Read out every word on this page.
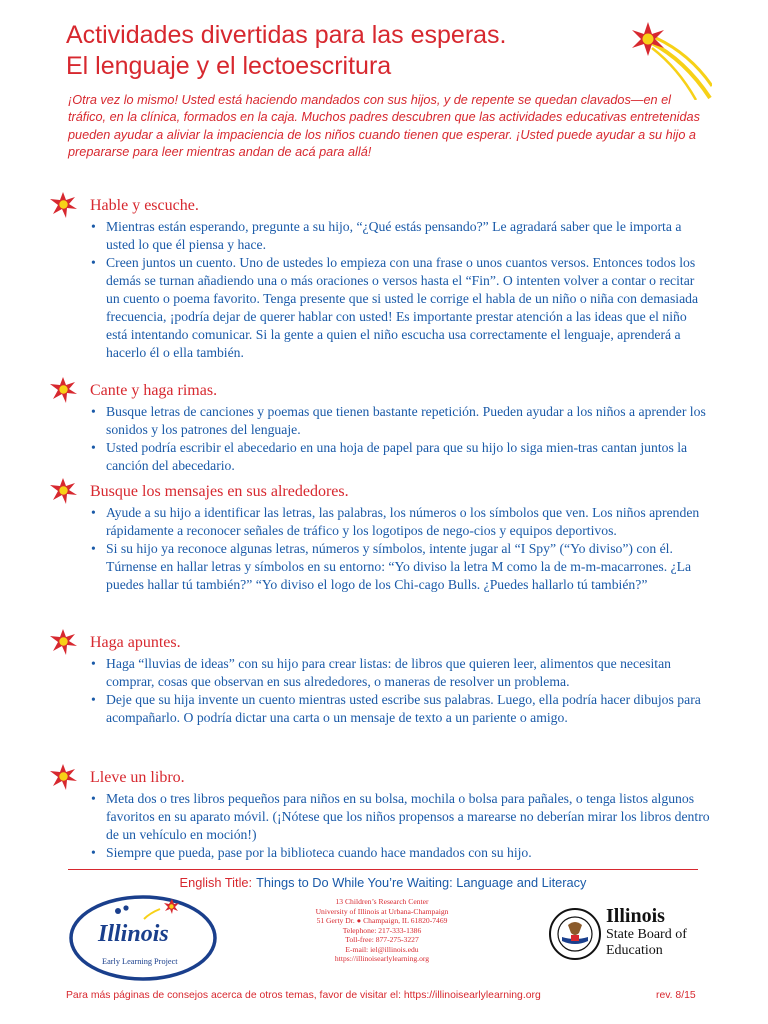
Actividades divertidas para las esperas.
El lenguaje y el lectoescritura
¡Otra vez lo mismo! Usted está haciendo mandados con sus hijos, y de repente se quedan clavados—en el tráfico, en la clínica, formados en la caja. Muchos padres descubren que las actividades educativas entretenidas pueden ayudar a aliviar la impaciencia de los niños cuando tienen que esperar. ¡Usted puede ayudar a su hijo a prepararse para leer mientras andan de acá para allá!
Hable y escuche.
• Mientras están esperando, pregunte a su hijo, “¿Qué estás pensando?” Le agradará saber que le importa a usted lo que él piensa y hace.
• Creen juntos un cuento. Uno de ustedes lo empieza con una frase o unos cuantos versos. Entonces todos los demás se turnan añadiendo una o más oraciones o versos hasta el “Fin”. O intenten volver a contar o recitar un cuento o poema favorito. Tenga presente que si usted le corrige el habla de un niño o niña con demasiada frecuencia, ¡podría dejar de querer hablar con usted! Es importante prestar atención a las ideas que el niño está intentando comunicar. Si la gente a quien el niño escucha usa correctamente el lenguaje, aprenderá a hacerlo él o ella también.
Cante y haga rimas.
• Busque letras de canciones y poemas que tienen bastante repetición. Pueden ayudar a los niños a aprender los sonidos y los patrones del lenguaje.
• Usted podría escribir el abecedario en una hoja de papel para que su hijo lo siga mien-tras cantan juntos la canción del abecedario.
Busque los mensajes en sus alrededores.
• Ayude a su hijo a identificar las letras, las palabras, los números o los símbolos que ven. Los niños aprenden rápidamente a reconocer señales de tráfico y los logotipos de nego-cios y equipos deportivos.
• Si su hijo ya reconoce algunas letras, números y símbolos, intente jugar al “I Spy” (“Yo diviso”) con él. Túrnense en hallar letras y símbolos en su entorno: “Yo diviso la letra M como la de m-m-macarrones. ¿La puedes hallar tú también?” “Yo diviso el logo de los Chi-cago Bulls. ¿Puedes hallarlo tú también?”
Haga apuntes.
• Haga “lluvias de ideas” con su hijo para crear listas: de libros que quieren leer, alimentos que necesitan comprar, cosas que observan en sus alrededores, o maneras de resolver un problema.
• Deje que su hija invente un cuento mientras usted escribe sus palabras. Luego, ella podría hacer dibujos para acompañarlo. O podría dictar una carta o un mensaje de texto a un pariente o amigo.
Lleve un libro.
• Meta dos o tres libros pequeños para niños en su bolsa, mochila o bolsa para pañales, o tenga listos algunos favoritos en su aparato móvil. (¡Nótese que los niños propensos a marearse no deberían mirar los libros dentro de un vehículo en moción!)
• Siempre que pueda, pase por la biblioteca cuando hace mandados con su hijo.
English Title: Things to Do While You’re Waiting: Language and Literacy
Illinois
Early Learning Project
13 Children’s Research Center
University of Illinois at Urbana-Champaign
51 Gerty Dr. ● Champaign, IL 61820-7469
Telephone: 217-333-1386
Toll-free: 877-275-3227
E-mail: iel@illinois.edu
https://illinoisearlylearning.org
Illinois
State Board of
Education
Para más páginas de consejos acerca de otros temas, favor de visitar el: https://illinoisearlylearning.org	rev. 8/15
